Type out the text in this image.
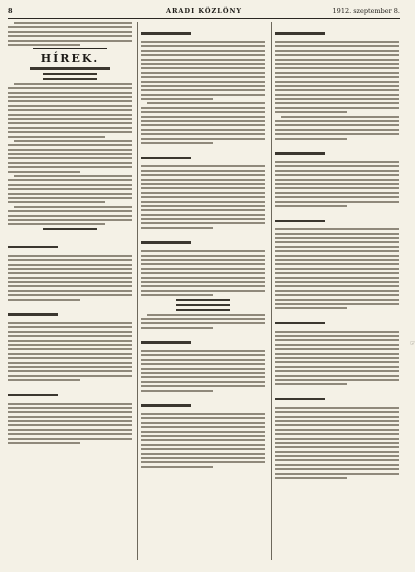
8	ARADI KÖZLÖNY	1912. szeptember 8.
HÍREK.
☞
